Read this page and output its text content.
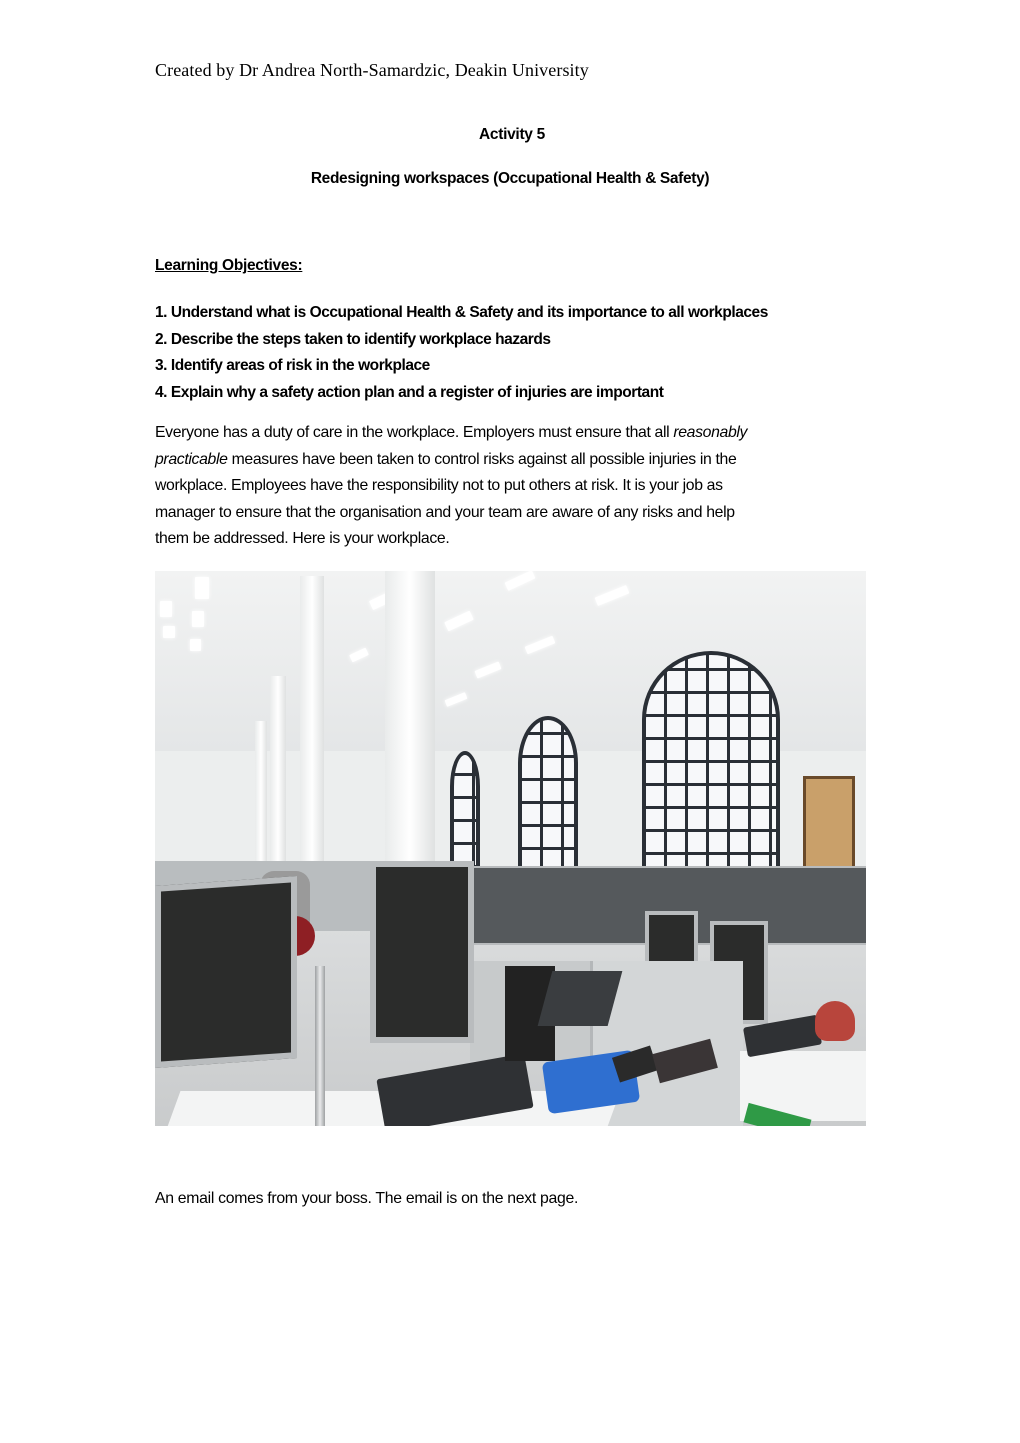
Created by Dr Andrea North-Samardzic, Deakin University
Activity 5
Redesigning workspaces (Occupational Health & Safety)
Learning Objectives:
1. Understand what is Occupational Health & Safety and its importance to all workplaces
2. Describe the steps taken to identify workplace hazards
3. Identify areas of risk in the workplace
4. Explain why a safety action plan and a register of injuries are important
Everyone has a duty of care in the workplace. Employers must ensure that all reasonably
practicable measures have been taken to control risks against all possible injuries in the
workplace. Employees have the responsibility not to put others at risk. It is your job as
manager to ensure that the organisation and your team are aware of any risks and help
them be addressed. Here is your workplace.
An email comes from your boss. The email is on the next page.
